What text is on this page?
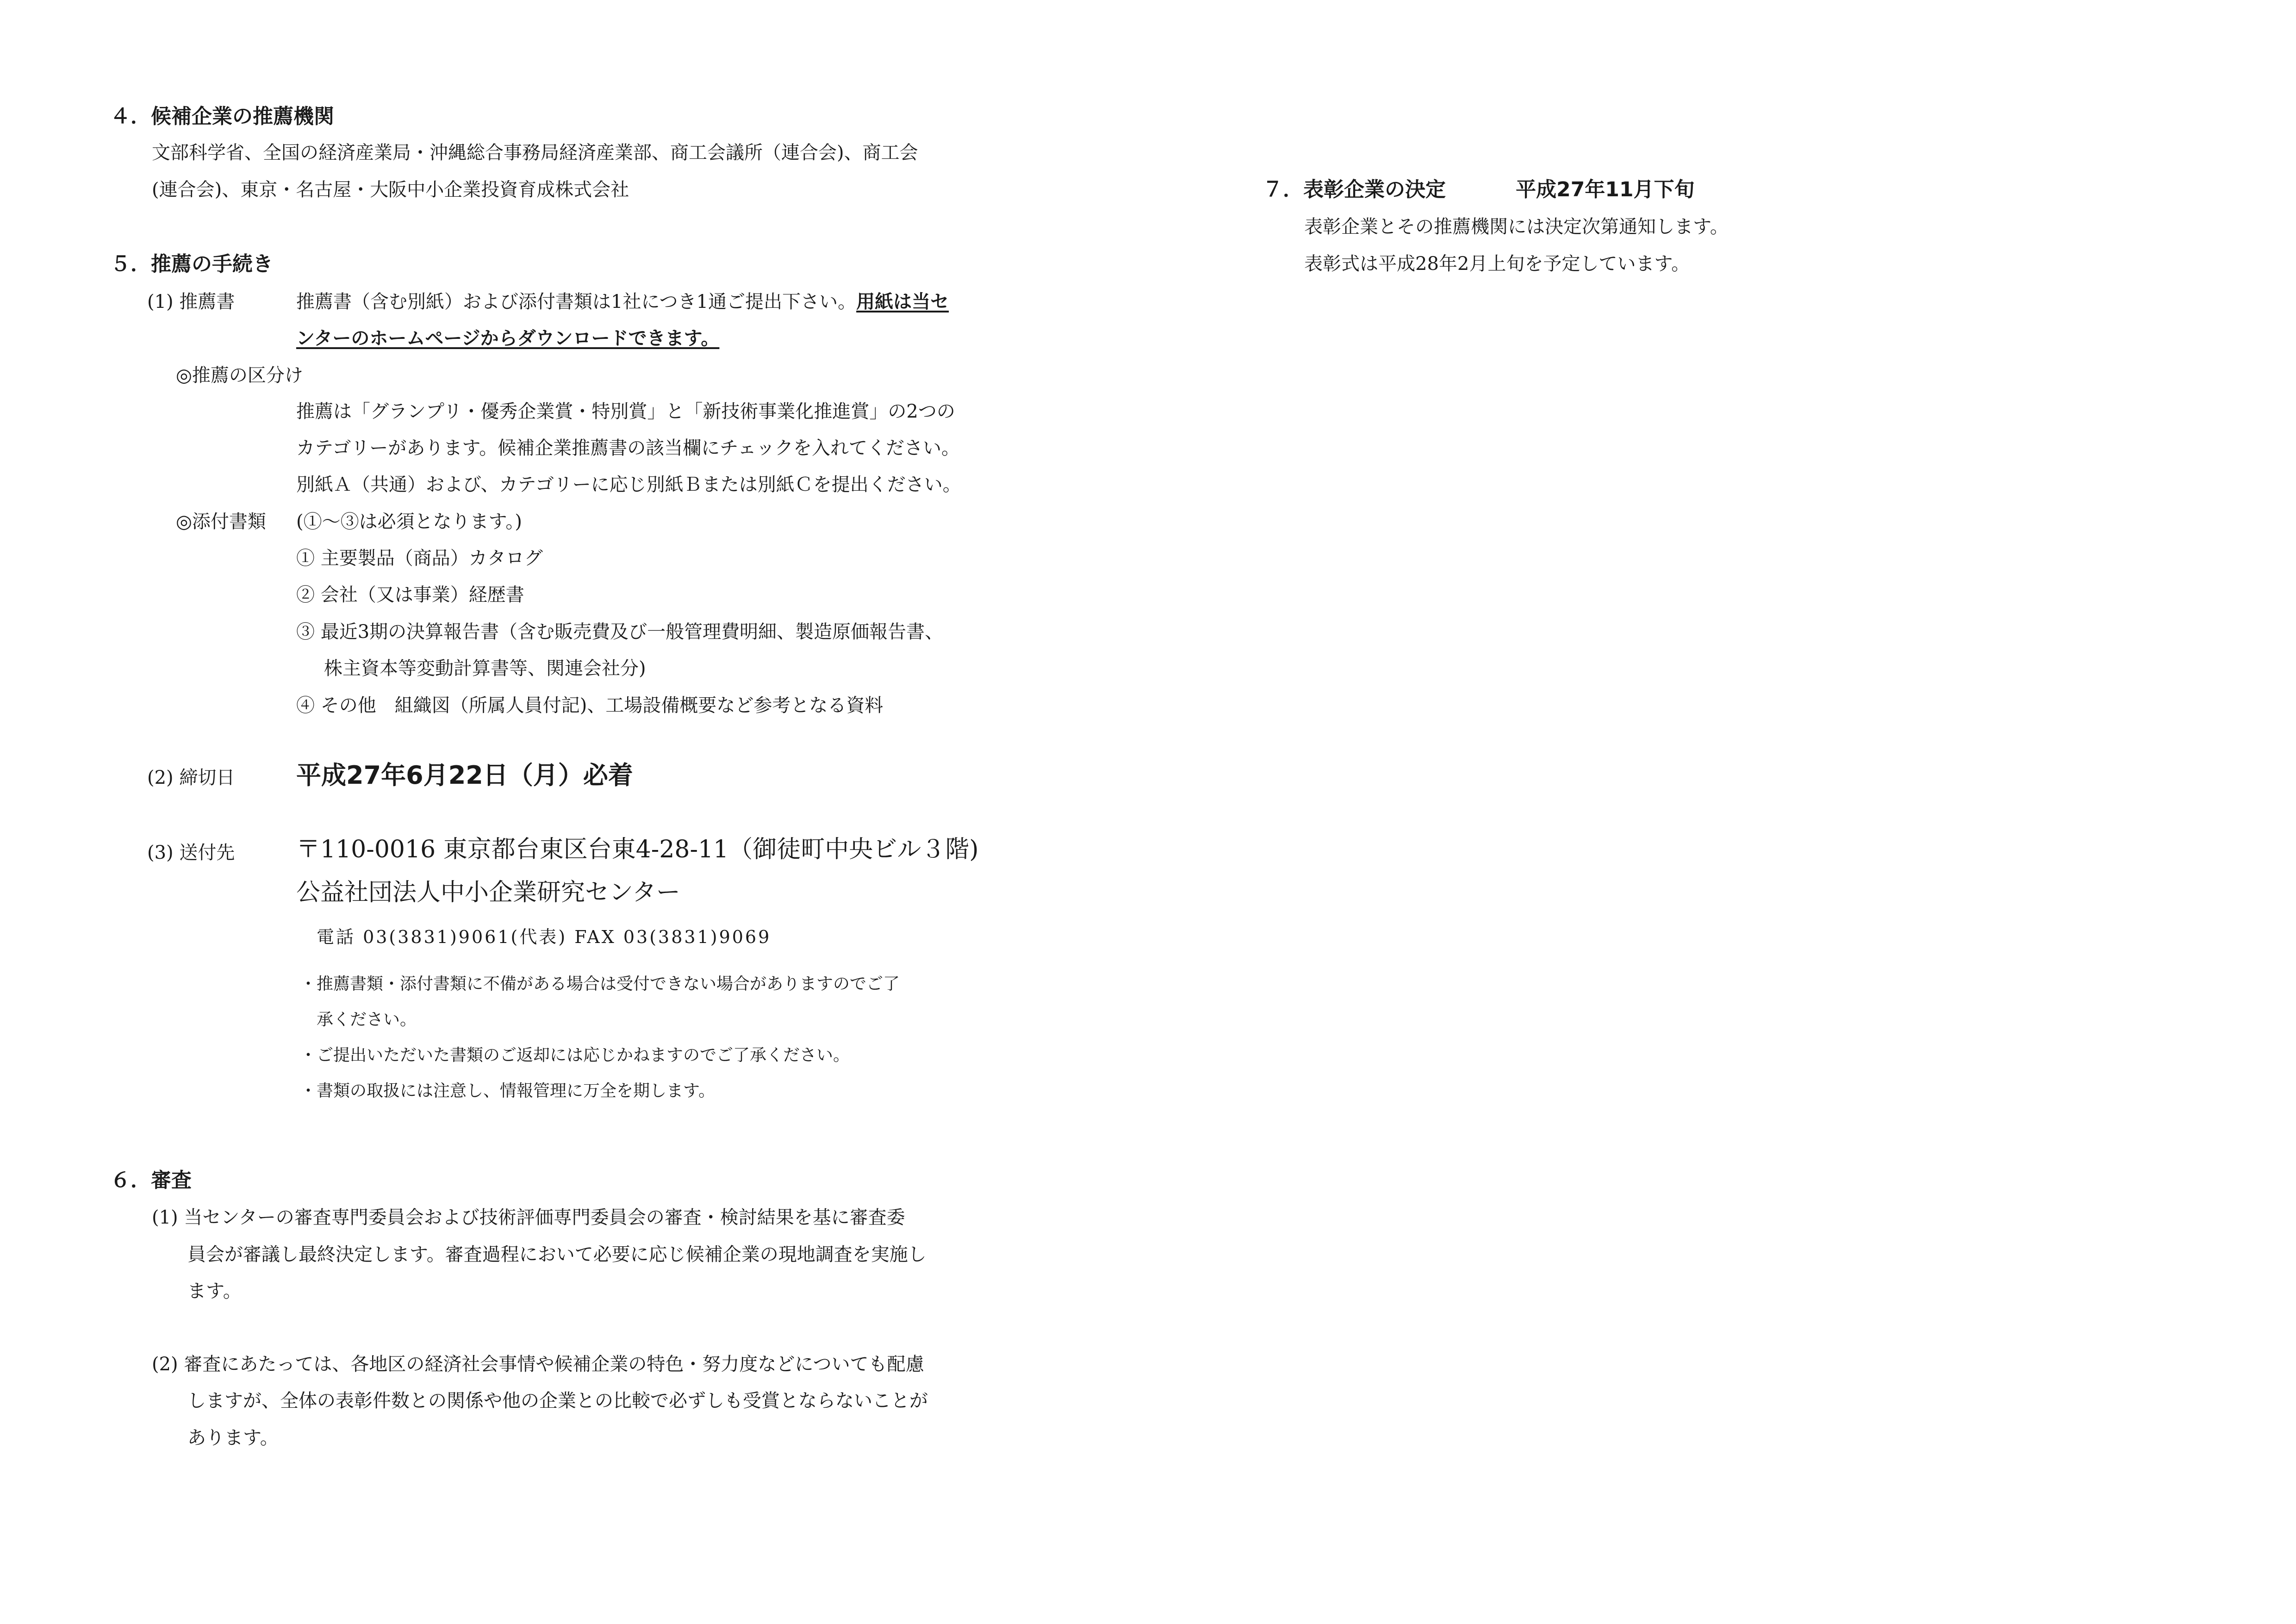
４．候補企業の推薦機関
文部科学省、全国の経済産業局・沖縄総合事務局経済産業部、商工会議所（連合会)、商工会
(連合会)、東京・名古屋・大阪中小企業投資育成株式会社
５．推薦の手続き
(1) 推薦書	推薦書（含む別紙）および添付書類は1社につき1通ご提出下さい。用紙は当セ
ンターのホームページからダウンロードできます。
◎推薦の区分け
推薦は「グランプリ・優秀企業賞・特別賞」と「新技術事業化推進賞」の2つの
カテゴリーがあります。候補企業推薦書の該当欄にチェックを入れてください。
別紙Ａ（共通）および、カテゴリーに応じ別紙Ｂまたは別紙Ｃを提出ください。
◎添付書類 (①～③は必須となります。)
① 主要製品（商品）カタログ
② 会社（又は事業）経歴書
③ 最近3期の決算報告書（含む販売費及び一般管理費明細、製造原価報告書、
株主資本等変動計算書等、関連会社分)
④ その他　組織図（所属人員付記)、工場設備概要など参考となる資料
(2) 締切日 平成27年6月22日（月）必着
(3) 送付先	〒110-0016 東京都台東区台東4-28-11（御徒町中央ビル３階)
公益社団法人中小企業研究センター
電話 03(3831)9061(代表) FAX 03(3831)9069
・推薦書類・添付書類に不備がある場合は受付できない場合がありますのでご了
承ください。
・ご提出いただいた書類のご返却には応じかねますのでご了承ください。
・書類の取扱には注意し、情報管理に万全を期します。
６．審査
(1) 当センターの審査専門委員会および技術評価専門委員会の審査・検討結果を基に審査委
員会が審議し最終決定します。審査過程において必要に応じ候補企業の現地調査を実施し
ます。
(2) 審査にあたっては、各地区の経済社会事情や候補企業の特色・努力度などについても配慮
しますが、全体の表彰件数との関係や他の企業との比較で必ずしも受賞とならないことが
あります。
７．表彰企業の決定	平成27年11月下旬
表彰企業とその推薦機関には決定次第通知します。
表彰式は平成28年2月上旬を予定しています。
